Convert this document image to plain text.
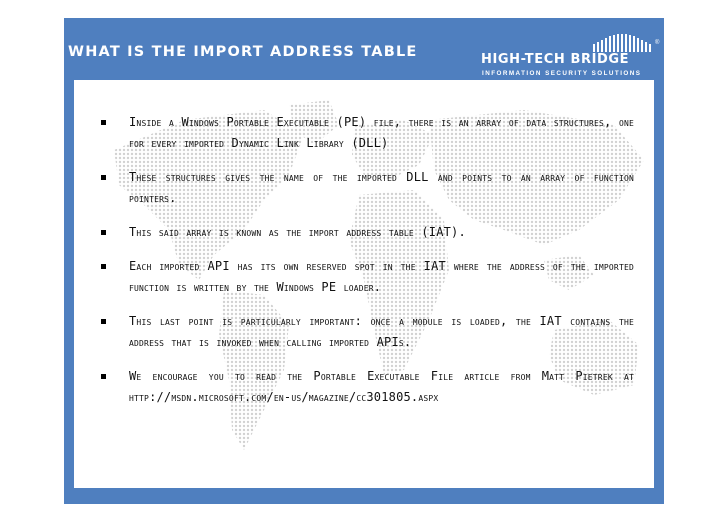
WHAT IS THE IMPORT ADDRESS TABLE
®
HIGH-TECH BRIDGE
INFORMATION SECURITY SOLUTIONS
Inside a Windows Portable Executable (PE) file, there is an array of data structures, one for every imported Dynamic Link Library (DLL)
These structures gives the name of the imported DLL and points to an array of function pointers.
This said array is known as the import address table (IAT).
Each imported API has its own reserved spot in the IAT where the address of the imported function is written by the Windows PE loader.
This last point is particularly important: once a module is loaded, the IAT contains the address that is invoked when calling imported APIs.
We encourage you to read the Portable Executable File article from Matt Pietrek at http://msdn.microsoft.com/en-us/magazine/cc301805.aspx
©2011 High-Tech Bridge SA – www.htbridge.ch
